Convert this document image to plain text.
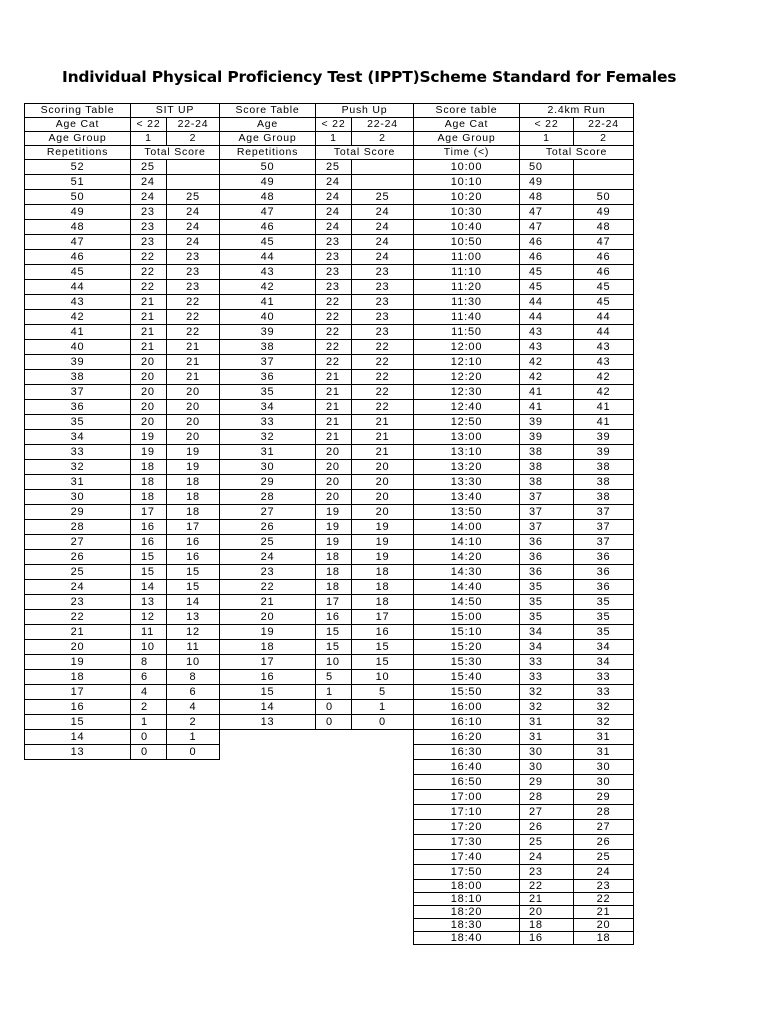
Individual Physical Proficiency Test (IPPT)Scheme Standard for Females
Scoring Table	SIT UP	
Age Cat	< 22	22-24
Age Group	1	2
Repetitions	Total Score	
52	25	
51	24	
50	24	25
49	23	24
48	23	24
47	23	24
46	22	23
45	22	23
44	22	23
43	21	22
42	21	22
41	21	22
40	21	21
39	20	21
38	20	21
37	20	20
36	20	20
35	20	20
34	19	20
33	19	19
32	18	19
31	18	18
30	18	18
29	17	18
28	16	17
27	16	16
26	15	16
25	15	15
24	14	15
23	13	14
22	12	13
21	11	12
20	10	11
19	8	10
18	6	8
17	4	6
16	2	4
15	1	2
14	0	1
13	0	0
Score Table	Push Up	
Age	< 22	22-24
Age Group	1	2
Repetitions	Total Score	
50	25	
49	24	
48	24	25
47	24	24
46	24	24
45	23	24
44	23	24
43	23	23
42	23	23
41	22	23
40	22	23
39	22	23
38	22	22
37	22	22
36	21	22
35	21	22
34	21	22
33	21	21
32	21	21
31	20	21
30	20	20
29	20	20
28	20	20
27	19	20
26	19	19
25	19	19
24	18	19
23	18	18
22	18	18
21	17	18
20	16	17
19	15	16
18	15	15
17	10	15
16	5	10
15	1	5
14	0	1
13	0	0
Score table	2.4km Run	
Age Cat	< 22	22-24
Age Group	1	2
Time (<)	Total Score	
10:00	50	
10:10	49	
10:20	48	50
10:30	47	49
10:40	47	48
10:50	46	47
11:00	46	46
11:10	45	46
11:20	45	45
11:30	44	45
11:40	44	44
11:50	43	44
12:00	43	43
12:10	42	43
12:20	42	42
12:30	41	42
12:40	41	41
12:50	39	41
13:00	39	39
13:10	38	39
13:20	38	38
13:30	38	38
13:40	37	38
13:50	37	37
14:00	37	37
14:10	36	37
14:20	36	36
14:30	36	36
14:40	35	36
14:50	35	35
15:00	35	35
15:10	34	35
15:20	34	34
15:30	33	34
15:40	33	33
15:50	32	33
16:00	32	32
16:10	31	32
16:20	31	31
16:30	30	31
16:40	30	30
16:50	29	30
17:00	28	29
17:10	27	28
17:20	26	27
17:30	25	26
17:40	24	25
17:50	23	24
18:00	22	23
18:10	21	22
18:20	20	21
18:30	18	20
18:40	16	18
